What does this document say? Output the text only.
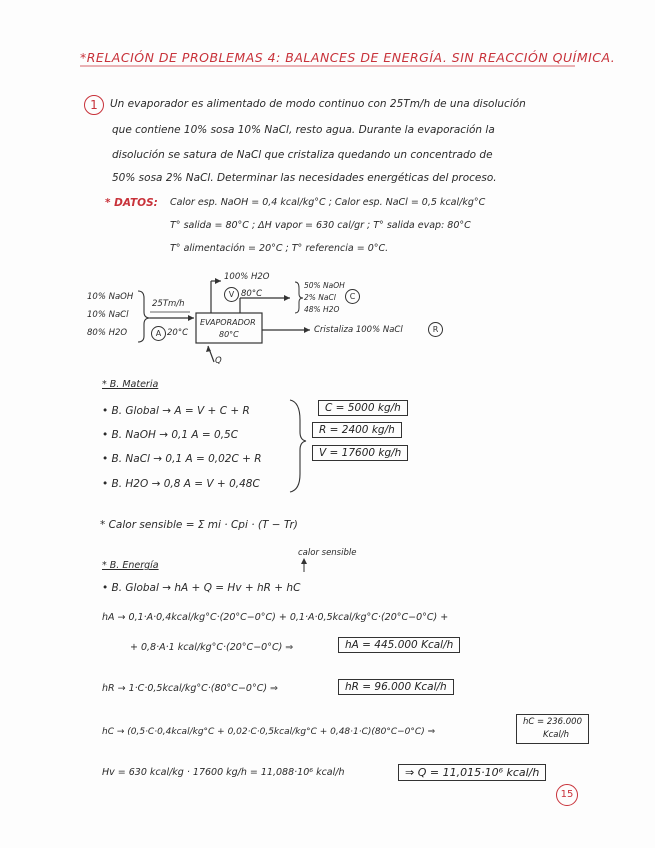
*RELACIÓN DE PROBLEMAS 4: BALANCES DE ENERGÍA. SIN REACCIÓN QUÍMICA.
1	Un evaporador es alimentado de modo continuo con 25Tm/h de una disolución
que contiene 10% sosa 10% NaCl, resto agua. Durante la evaporación la
disolución se satura de NaCl que cristaliza quedando un concentrado de
50% sosa 2% NaCl. Determinar las necesidades energéticas del proceso.
* DATOS: Calor esp. NaOH = 0,4 kcal/kg°C ; Calor esp. NaCl = 0,5 kcal/kg°C
T° salida = 80°C ; ΔH vapor = 630 cal/gr ; T° salida evap: 80°C
T° alimentación = 20°C ; T° referencia = 0°C.
10% NaOH
10% NaCl
80% H2O
25Tm/h
A 20°C
EVAPORADOR
80°C
100% H2O
V 80°C
50% NaOH
2% NaCl
48% H2O
C
Cristaliza 100% NaCl	R
Q
* B. Materia
• B. Global → A = V + C + R
• B. NaOH → 0,1 A = 0,5C
• B. NaCl → 0,1 A = 0,02C + R
• B. H2O → 0,8 A = V + 0,48C
C = 5000 kg/h
R = 2400 kg/h
V = 17600 kg/h
* Calor sensible = Σ mi · Cpi · (T − Tr)
calor sensible
* B. Energía
• B. Global → hA + Q = Hv + hR + hC
hA → 0,1·A·0,4kcal/kg°C·(20°C−0°C) + 0,1·A·0,5kcal/kg°C·(20°C−0°C) +
+ 0,8·A·1 kcal/kg°C·(20°C−0°C) ⇒	hA = 445.000 Kcal/h
hR → 1·C·0,5kcal/kg°C·(80°C−0°C) ⇒	hR = 96.000 Kcal/h
hC → (0,5·C·0,4kcal/kg°C + 0,02·C·0,5kcal/kg°C + 0,48·1·C)(80°C−0°C) ⇒
hC = 236.000
Kcal/h
Hv = 630 kcal/kg · 17600 kg/h = 11,088·10⁶ kcal/h	⇒ Q = 11,015·10⁶ kcal/h
15
